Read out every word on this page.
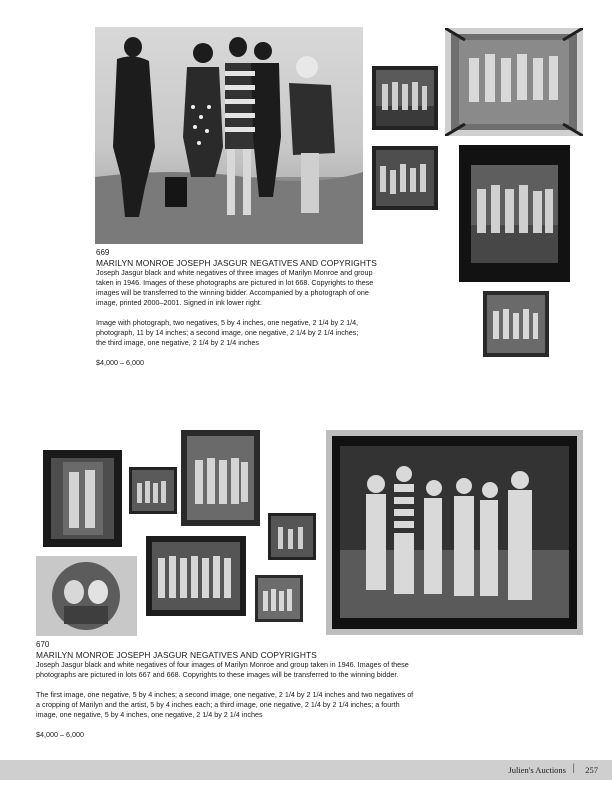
669

MARILYN MONROE JOSEPH JASGUR NEGATIVES AND COPYRIGHTS

Joseph Jasgur black and white negatives of three images of Marilyn Monroe and group

taken in 1946. Images of these photographs are pictured in lot 668. Copyrights to these

images will be transferred to the winning bidder. Accompanied by a photograph of one

image, printed 2000–2001. Signed in ink lower right.

Image with photograph, two negatives, 5 by 4 inches, one negative, 2 1/4 by 2 1/4,

photograph, 11 by 14 inches; a second image, one negative, 2 1/4 by 2 1/4 inches;

the third image, one negative, 2 1/4 by 2 1/4 inches

$4,000 – 6,000

670

MARILYN MONROE JOSEPH JASGUR NEGATIVES AND COPYRIGHTS

Joseph Jasgur black and white negatives of four images of Marilyn Monroe and group taken in 1946. Images of these

photographs are pictured in lots 667 and 668. Copyrights to these images will be transferred to the winning bidder.

The first image, one negative, 5 by 4 inches; a second image, one negative, 2 1/4 by 2 1/4 inches and two negatives of

a cropping of Marilyn and the artist, 5 by 4 inches each; a third image, one negative, 2 1/4 by 2 1/4 inches; a fourth

image, one negative, 5 by 4 inches, one negative, 2 1/4 by 2 1/4 inches

$4,000 – 6,000

Julien's Auctions | 257
